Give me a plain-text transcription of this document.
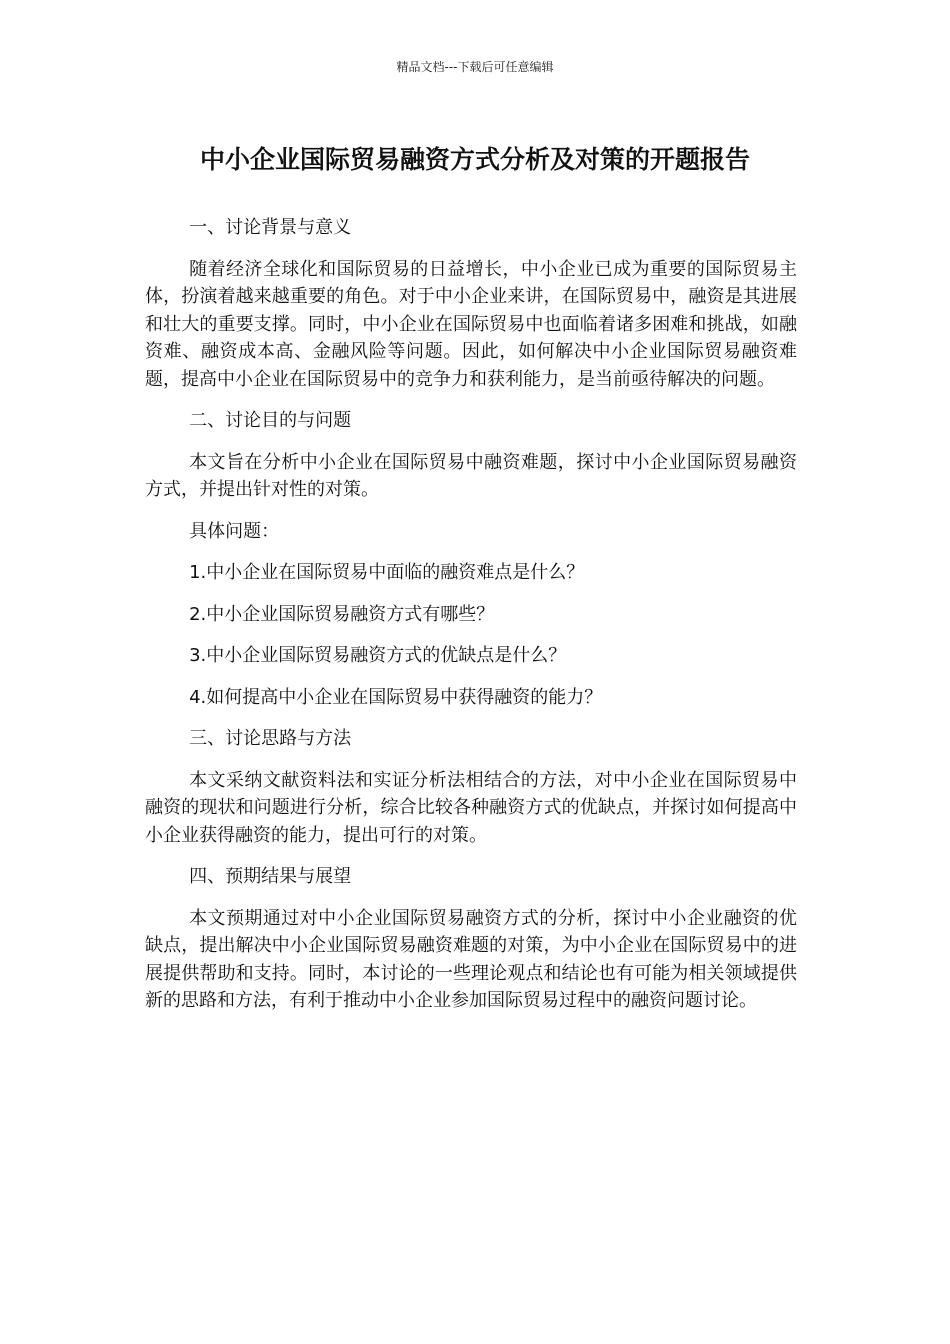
精品文档---下载后可任意编辑
中小企业国际贸易融资方式分析及对策的开题报告

一、讨论背景与意义

随着经济全球化和国际贸易的日益增长，中小企业已成为重要的国际贸易主体，扮演着越来越重要的角色。对于中小企业来讲，在国际贸易中，融资是其进展和壮大的重要支撑。同时，中小企业在国际贸易中也面临着诸多困难和挑战，如融资难、融资成本高、金融风险等问题。因此，如何解决中小企业国际贸易融资难题，提高中小企业在国际贸易中的竞争力和获利能力，是当前亟待解决的问题。

二、讨论目的与问题

本文旨在分析中小企业在国际贸易中融资难题，探讨中小企业国际贸易融资方式，并提出针对性的对策。

具体问题：

1.中小企业在国际贸易中面临的融资难点是什么？

2.中小企业国际贸易融资方式有哪些？

3.中小企业国际贸易融资方式的优缺点是什么？

4.如何提高中小企业在国际贸易中获得融资的能力？

三、讨论思路与方法

本文采纳文献资料法和实证分析法相结合的方法，对中小企业在国际贸易中融资的现状和问题进行分析，综合比较各种融资方式的优缺点，并探讨如何提高中小企业获得融资的能力，提出可行的对策。

四、预期结果与展望

本文预期通过对中小企业国际贸易融资方式的分析，探讨中小企业融资的优缺点，提出解决中小企业国际贸易融资难题的对策，为中小企业在国际贸易中的进展提供帮助和支持。同时，本讨论的一些理论观点和结论也有可能为相关领域提供新的思路和方法，有利于推动中小企业参加国际贸易过程中的融资问题讨论。
